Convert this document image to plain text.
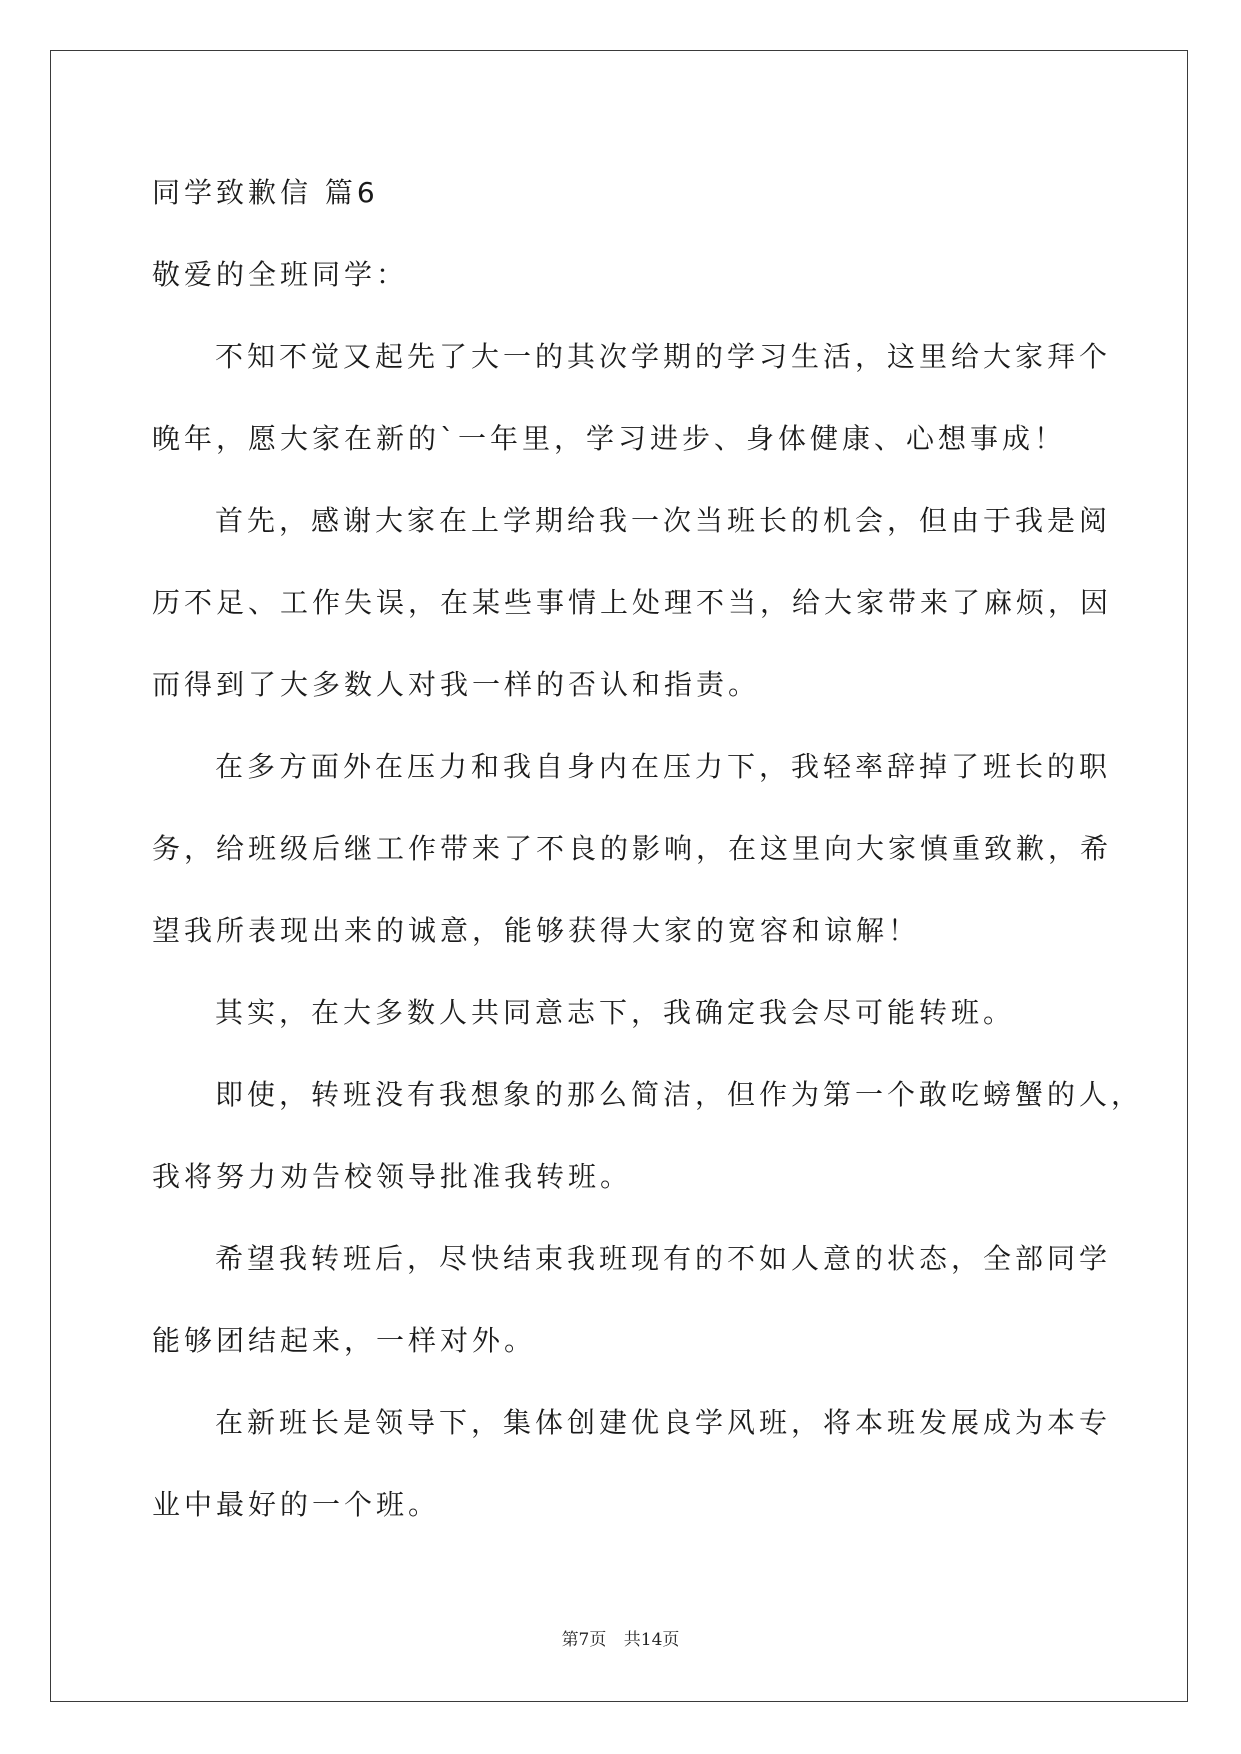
同学致歉信 篇6
敬爱的全班同学：
不知不觉又起先了大一的其次学期的学习生活，这里给大家拜个
晚年，愿大家在新的`一年里，学习进步、身体健康、心想事成！
首先，感谢大家在上学期给我一次当班长的机会，但由于我是阅
历不足、工作失误，在某些事情上处理不当，给大家带来了麻烦，因
而得到了大多数人对我一样的否认和指责。
在多方面外在压力和我自身内在压力下，我轻率辞掉了班长的职
务，给班级后继工作带来了不良的影响，在这里向大家慎重致歉，希
望我所表现出来的诚意，能够获得大家的宽容和谅解！
其实，在大多数人共同意志下，我确定我会尽可能转班。
即使，转班没有我想象的那么简洁，但作为第一个敢吃螃蟹的人，
我将努力劝告校领导批准我转班。
希望我转班后，尽快结束我班现有的不如人意的状态，全部同学
能够团结起来，一样对外。
在新班长是领导下，集体创建优良学风班，将本班发展成为本专
业中最好的一个班。
第7页 共14页
